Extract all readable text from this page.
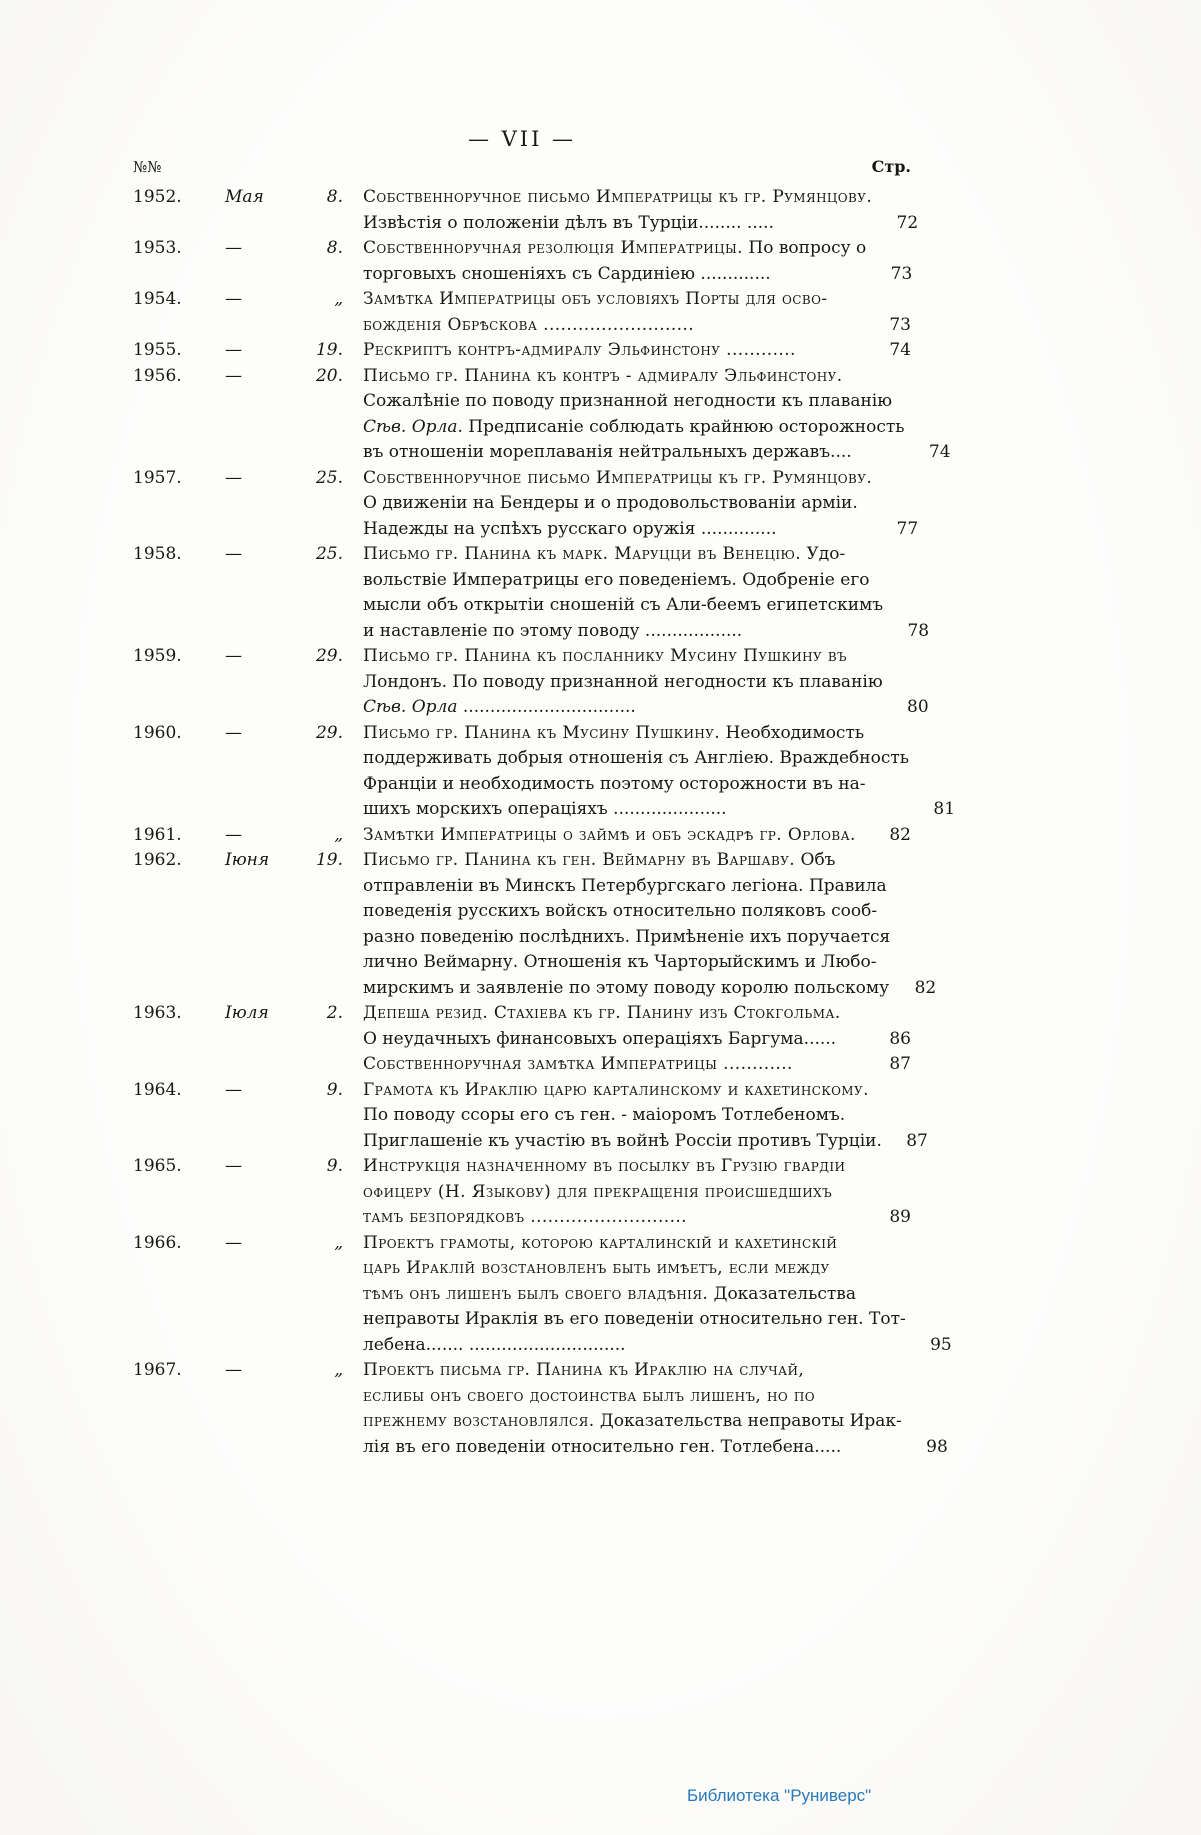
— VII —
№№	Стр.
1952.	Мая	8. Собственноручное письмо Императрицы къ гр. Румянцову.
Извѣстія о положеніи дѣлъ въ Турціи........ .....	72
1953.	—	8. Собственноручная резолюція Императрицы. По вопросу о
торговыхъ сношеніяхъ съ Сардиніею .............	73
1954.	—	„ Замѣтка Императрицы объ условіяхъ Порты для осво-
божденія Обрѣскова ..........................	73
1955.	—	19. Рескриптъ контръ-адмиралу Эльфинстону ............	74
1956.	—	20. Письмо гр. Панина къ контръ - адмиралу Эльфинстону.
Сожалѣніе по поводу признанной негодности къ плаванію
Сѣв. Орла. Предписаніе соблюдать крайнюю осторожность
въ отношеніи мореплаванія нейтральныхъ державъ....	74
1957.	—	25. Собственноручное письмо Императрицы къ гр. Румянцову.
О движеніи на Бендеры и о продовольствованіи арміи.
Надежды на успѣхъ русскаго оружія ..............	77
1958.	—	25. Письмо гр. Панина къ марк. Маруцци въ Венецію. Удо-
вольствіе Императрицы его поведеніемъ. Одобреніе его
мысли объ открытіи сношеній съ Али-беемъ египетскимъ
и наставленіе по этому поводу ..................	78
1959.	—	29. Письмо гр. Панина къ посланнику Мусину Пушкину въ
Лондонъ. По поводу признанной негодности къ плаванію
Сѣв. Орла ................................	80
1960.	—	29. Письмо гр. Панина къ Мусину Пушкину. Необходимость
поддерживать добрыя отношенія съ Англіею. Враждебность
Франціи и необходимость поэтому осторожности въ на-
шихъ морскихъ операціяхъ .....................	81
1961.	—	„ Замѣтки Императрицы о займѣ и объ эскадрѣ гр. Орлова.	82
1962.	Іюня	19. Письмо гр. Панина къ ген. Веймарну въ Варшаву. Объ
отправленіи въ Минскъ Петербургскаго легіона. Правила
поведенія русскихъ войскъ относительно поляковъ сооб-
разно поведенію послѣднихъ. Примѣненіе ихъ поручается
лично Веймарну. Отношенія къ Чарторыйскимъ и Любо-
мирскимъ и заявленіе по этому поводу королю польскому	82
1963.	Іюля	2. Депеша резид. Стахіева къ гр. Панину изъ Стокгольма.
О неудачныхъ финансовыхъ операціяхъ Баргума......	86
Собственноручная замѣтка Императрицы ............	87
1964.	—	9. Грамота къ Ираклію царю карталинскому и кахетинскому.
По поводу ссоры его съ ген. - маіоромъ Тотлебеномъ.
Приглашеніе къ участію въ войнѣ Россіи противъ Турціи.	87
1965.	—	9. Инструкція назначенному въ посылку въ Грузію гвардіи
офицеру (Н. Языкову) для прекращенія происшедшихъ
тамъ безпорядковъ ...........................	89
1966.	—	„ Проектъ грамоты, которою карталинскій и кахетинскій
царь Ираклій возстановленъ быть имѣетъ, если между
тѣмъ онъ лишенъ былъ своего владѣнія. Доказательства
неправоты Ираклія въ его поведеніи относительно ген. Тот-
лебена....... .............................	95
1967.	—	„ Проектъ письма гр. Панина къ Ираклію на случай,
еслибы онъ своего достоинства былъ лишенъ, но по
прежнему возстановлялся. Доказательства неправоты Ирак-
лія въ его поведеніи относительно ген. Тотлебена.....	98
Библиотека "Руниверс"
